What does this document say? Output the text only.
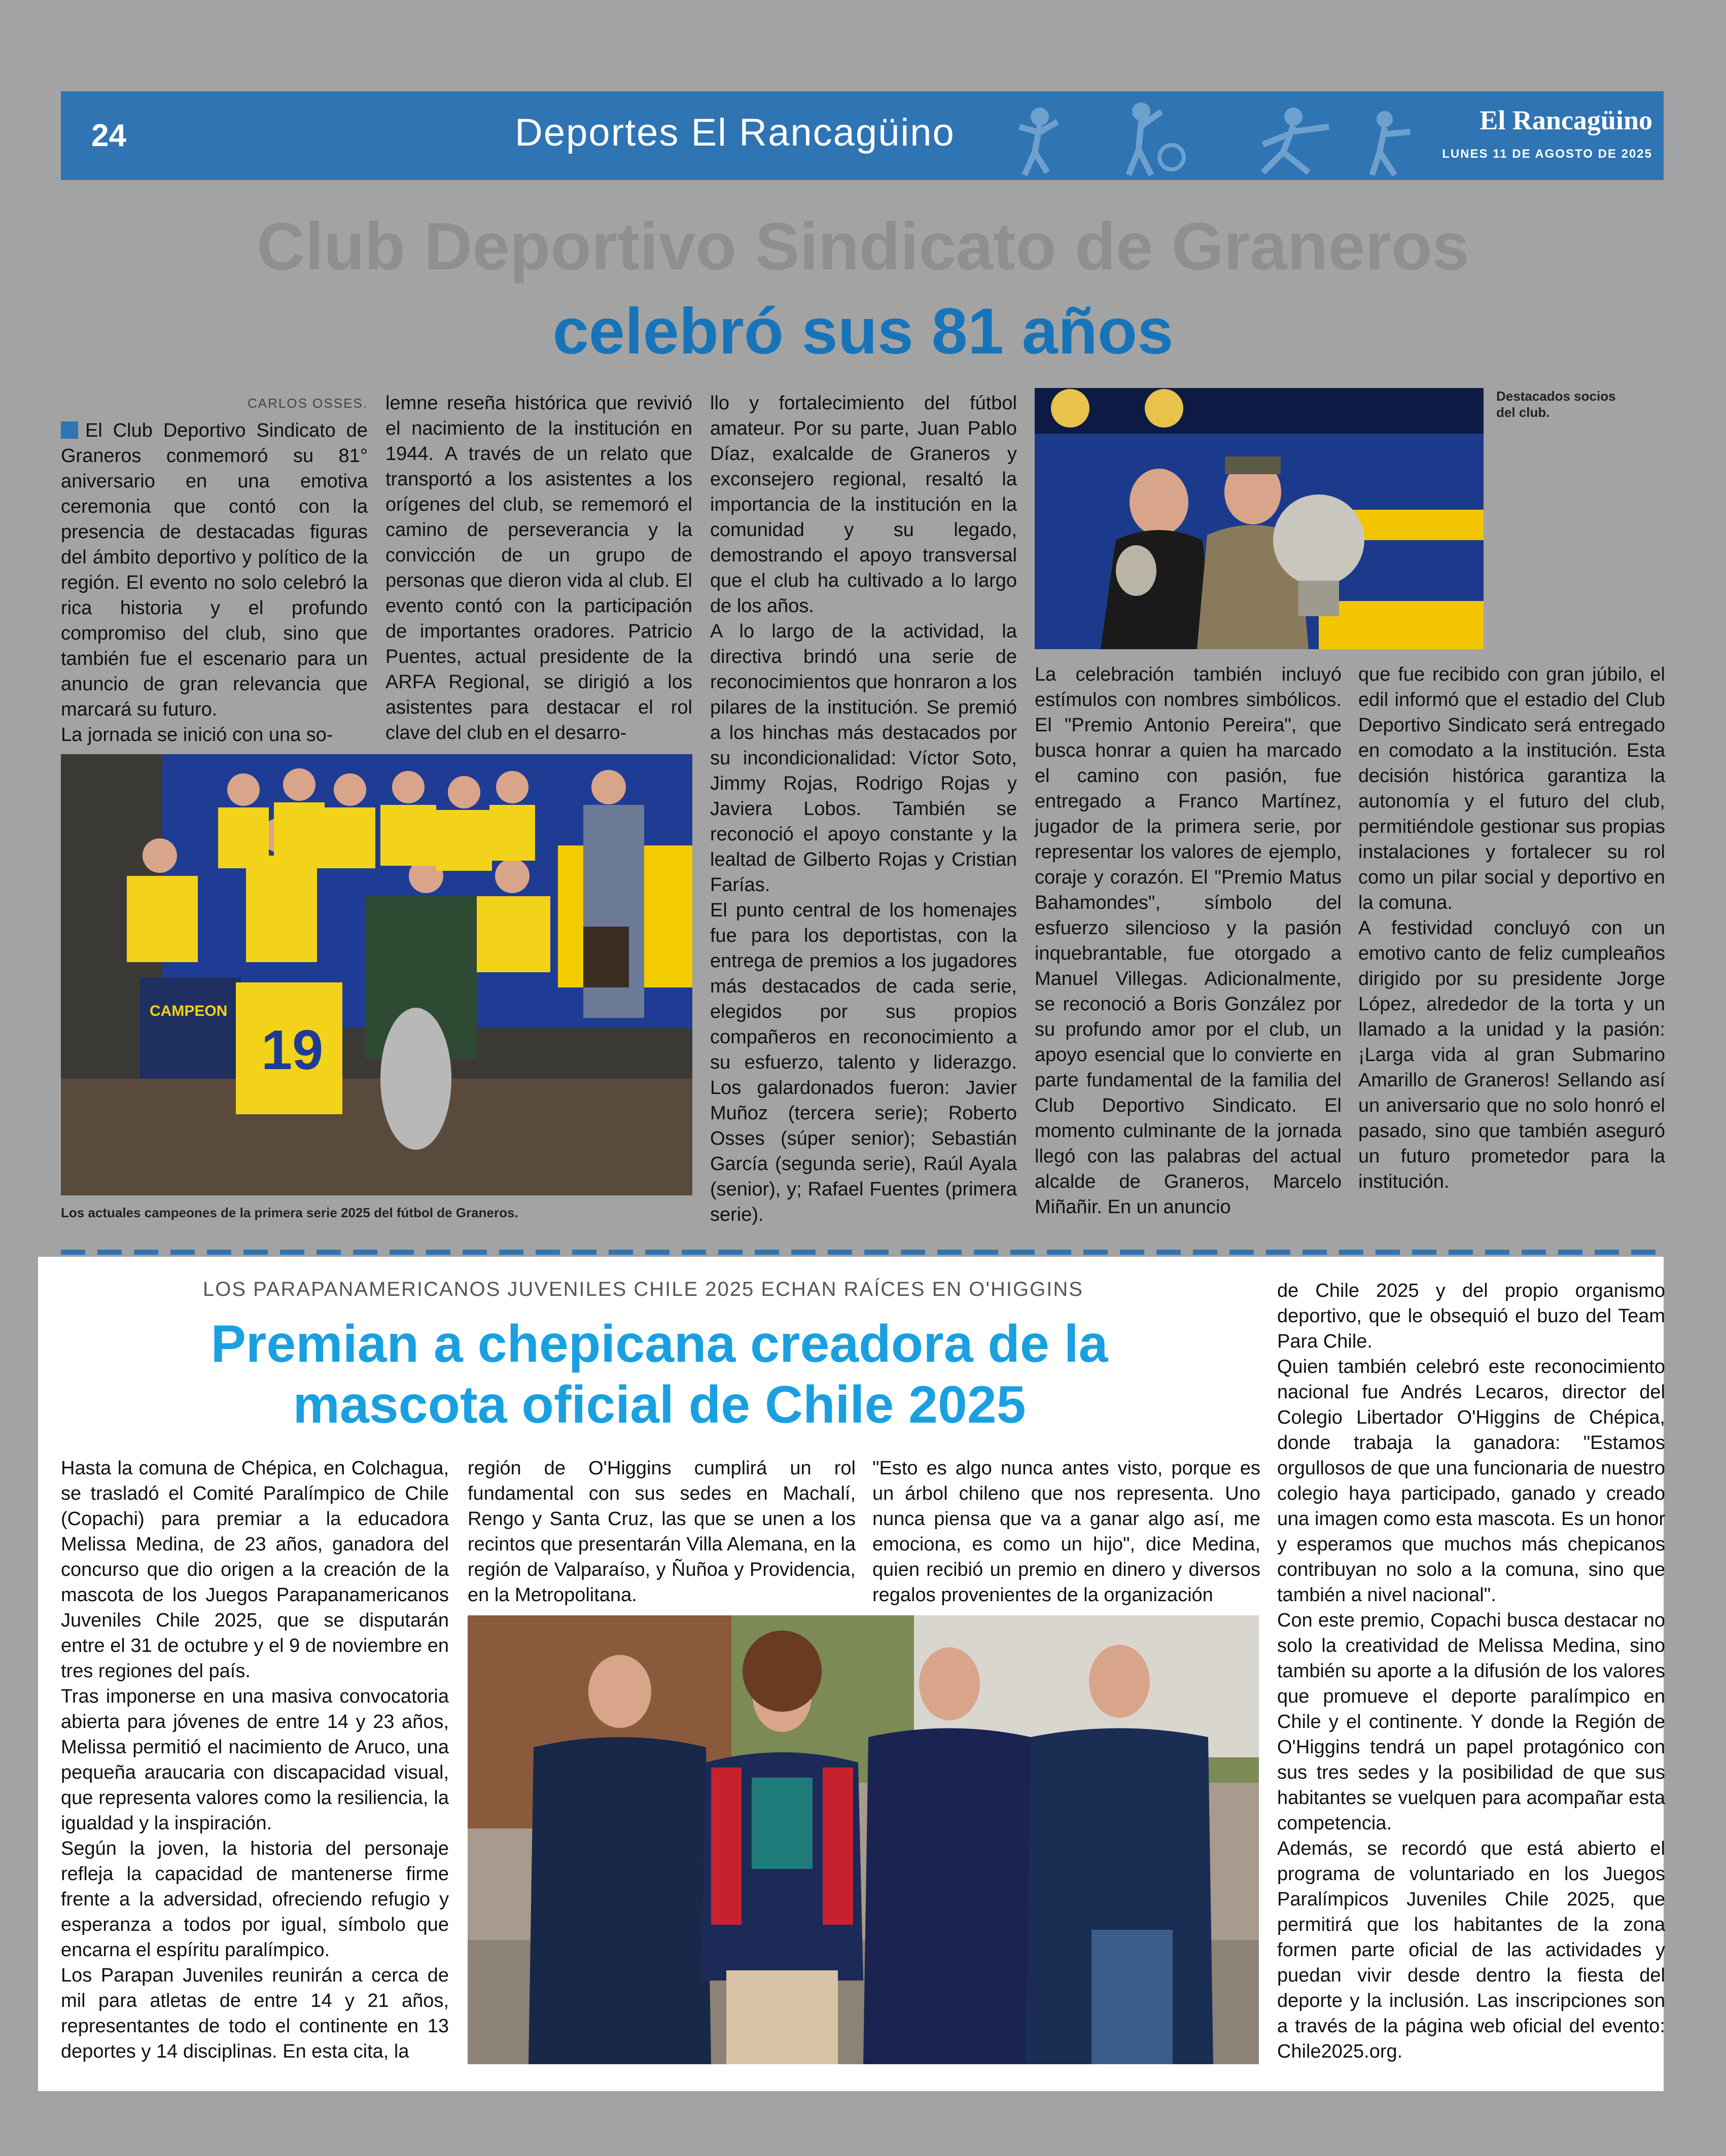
24	Deportes El Rancagüino	El Rancagüino
LUNES 11 DE AGOSTO DE 2025
Club Deportivo Sindicato de Graneros
celebró sus 81 años
CARLOS OSSES.

El Club Deportivo Sindicato de Graneros conmemoró su 81° aniversario en una emotiva ceremonia que contó con la presencia de destacadas figuras del ámbito deportivo y político de la región. El evento no solo celebró la rica historia y el profundo compromiso del club, sino que también fue el escenario para un anuncio de gran relevancia que marcará su futuro.

La jornada se inició con una so-

lemne reseña histórica que revivió el nacimiento de la institución en 1944. A través de un relato que transportó a los asistentes a los orígenes del club, se rememoró el camino de perseverancia y la convicción de un grupo de personas que dieron vida al club. El evento contó con la participación de importantes oradores. Patricio Puentes, actual presidente de la ARFA Regional, se dirigió a los asistentes para destacar el rol clave del club en el desarro-

llo y fortalecimiento del fútbol amateur. Por su parte, Juan Pablo Díaz, exalcalde de Graneros y exconsejero regional, resaltó la importancia de la institución en la comunidad y su legado, demostrando el apoyo transversal que el club ha cultivado a lo largo de los años.

A lo largo de la actividad, la directiva brindó una serie de reconocimientos que honraron a los pilares de la institución. Se premió a los hinchas más destacados por su incondicionalidad: Víctor Soto, Jimmy Rojas, Rodrigo Rojas y Javiera Lobos. También se reconoció el apoyo constante y la lealtad de Gilberto Rojas y Cristian Farías.

El punto central de los homenajes fue para los deportistas, con la entrega de premios a los jugadores más destacados de cada serie, elegidos por sus propios compañeros en reconocimiento a su esfuerzo, talento y liderazgo. Los galardonados fueron: Javier Muñoz (tercera serie); Roberto Osses (súper senior); Sebastián García (segunda serie), Raúl Ayala (senior), y; Rafael Fuentes (primera serie).

La celebración también incluyó estímulos con nombres simbólicos. El "Premio Antonio Pereira", que busca honrar a quien ha marcado el camino con pasión, fue entregado a Franco Martínez, jugador de la primera serie, por representar los valores de ejemplo, coraje y corazón. El "Premio Matus Bahamondes", símbolo del esfuerzo silencioso y la pasión inquebrantable, fue otorgado a Manuel Villegas. Adicionalmente, se reconoció a Boris González por su profundo amor por el club, un apoyo esencial que lo convierte en parte fundamental de la familia del Club Deportivo Sindicato. El momento culminante de la jornada llegó con las palabras del actual alcalde de Graneros, Marcelo Miñañir. En un anuncio

que fue recibido con gran júbilo, el edil informó que el estadio del Club Deportivo Sindicato será entregado en comodato a la institución. Esta decisión histórica garantiza la autonomía y el futuro del club, permitiéndole gestionar sus propias instalaciones y fortalecer su rol como un pilar social y deportivo en la comuna.

A festividad concluyó con un emotivo canto de feliz cumpleaños dirigido por su presidente Jorge López, alrededor de la torta y un llamado a la unidad y la pasión: ¡Larga vida al gran Submarino Amarillo de Graneros! Sellando así un aniversario que no solo honró el pasado, sino que también aseguró un futuro prometedor para la institución.

Destacados socios del club.
CAMPEON
19
Los actuales campeones de la primera serie 2025 del fútbol de Graneros.
LOS PARAPANAMERICANOS JUVENILES CHILE 2025 ECHAN RAÍCES EN O'HIGGINS
Premian a chepicana creadora de la
mascota oficial de Chile 2025

Hasta la comuna de Chépica, en Colchagua, se trasladó el Comité Paralímpico de Chile (Copachi) para premiar a la educadora Melissa Medina, de 23 años, ganadora del concurso que dio origen a la creación de la mascota de los Juegos Parapanamericanos Juveniles Chile 2025, que se disputarán entre el 31 de octubre y el 9 de noviembre en tres regiones del país.

Tras imponerse en una masiva convocatoria abierta para jóvenes de entre 14 y 23 años, Melissa permitió el nacimiento de Aruco, una pequeña araucaria con discapacidad visual, que representa valores como la resiliencia, la igualdad y la inspiración.

Según la joven, la historia del personaje refleja la capacidad de mantenerse firme frente a la adversidad, ofreciendo refugio y esperanza a todos por igual, símbolo que encarna el espíritu paralímpico.

Los Parapan Juveniles reunirán a cerca de mil para atletas de entre 14 y 21 años, representantes de todo el continente en 13 deportes y 14 disciplinas. En esta cita, la

región de O'Higgins cumplirá un rol fundamental con sus sedes en Machalí, Rengo y Santa Cruz, las que se unen a los recintos que presentarán Villa Alemana, en la región de Valparaíso, y Ñuñoa y Providencia, en la Metropolitana.

"Esto es algo nunca antes visto, porque es un árbol chileno que nos representa. Uno nunca piensa que va a ganar algo así, me emociona, es como un hijo", dice Medina, quien recibió un premio en dinero y diversos regalos provenientes de la organización

de Chile 2025 y del propio organismo deportivo, que le obsequió el buzo del Team Para Chile.

Quien también celebró este reconocimiento nacional fue Andrés Lecaros, director del Colegio Libertador O'Higgins de Chépica, donde trabaja la ganadora: "Estamos orgullosos de que una funcionaria de nuestro colegio haya participado, ganado y creado una imagen como esta mascota. Es un honor y esperamos que muchos más chepicanos contribuyan no solo a la comuna, sino que también a nivel nacional".

Con este premio, Copachi busca destacar no solo la creatividad de Melissa Medina, sino también su aporte a la difusión de los valores que promueve el deporte paralímpico en Chile y el continente. Y donde la Región de O'Higgins tendrá un papel protagónico con sus tres sedes y la posibilidad de que sus habitantes se vuelquen para acompañar esta competencia.

Además, se recordó que está abierto el programa de voluntariado en los Juegos Paralímpicos Juveniles Chile 2025, que permitirá que los habitantes de la zona formen parte oficial de las actividades y puedan vivir desde dentro la fiesta del deporte y la inclusión. Las inscripciones son a través de la página web oficial del evento: Chile2025.org.
